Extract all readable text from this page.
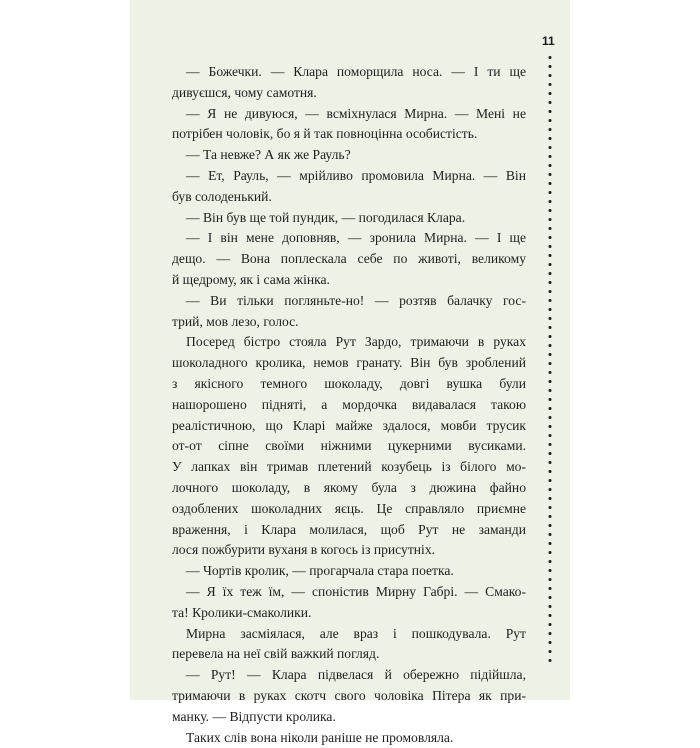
11
— Божечки. — Клара поморщила носа. — І ти ще
дивуєшся, чому самотня.
— Я не дивуюся, — всміхнулася Мирна. — Мені не
потрібен чоловік, бо я й так повноцінна особистість.
— Та невже? А як же Рауль?
— Ет, Рауль, — мрійливо промовила Мирна. — Він
був солоденький.
— Він був ще той пундик, — погодилася Клара.
— І він мене доповняв, — зронила Мирна. — І ще
дещо. — Вона поплескала себе по животі, великому
й щедрому, як і сама жінка.
— Ви тільки погляньте-но! — розтяв балачку гос-
трий, мов лезо, голос.
Посеред бістро стояла Рут Зардо, тримаючи в руках
шоколадного кролика, немов гранату. Він був зроблений
з якісного темного шоколаду, довгі вушка були
нашорошено підняті, а мордочка видавалася такою
реалістичною, що Кларі майже здалося, мовби трусик
от-от сіпне своїми ніжними цукерними вусиками.
У лапках він тримав плетений козубець із білого мо-
лочного шоколаду, в якому була з дюжина файно
оздоблених шоколадних яєць. Це справляло приємне
враження, і Клара молилася, щоб Рут не заманди
лося пожбурити вуханя в когось із присутніх.
— Чортів кролик, — прогарчала стара поетка.
— Я їх теж їм, — споністив Мирну Габрі. — Смако-
та! Кролики-смаколики.
Мирна засміялася, але враз і пошкодувала. Рут
перевела на неї свій важкий погляд.
— Рут! — Клара підвелася й обережно підійшла,
тримаючи в руках скотч свого чоловіка Пітера як при-
манку. — Відпусти кролика.
Таких слів вона ніколи раніше не промовляла.
